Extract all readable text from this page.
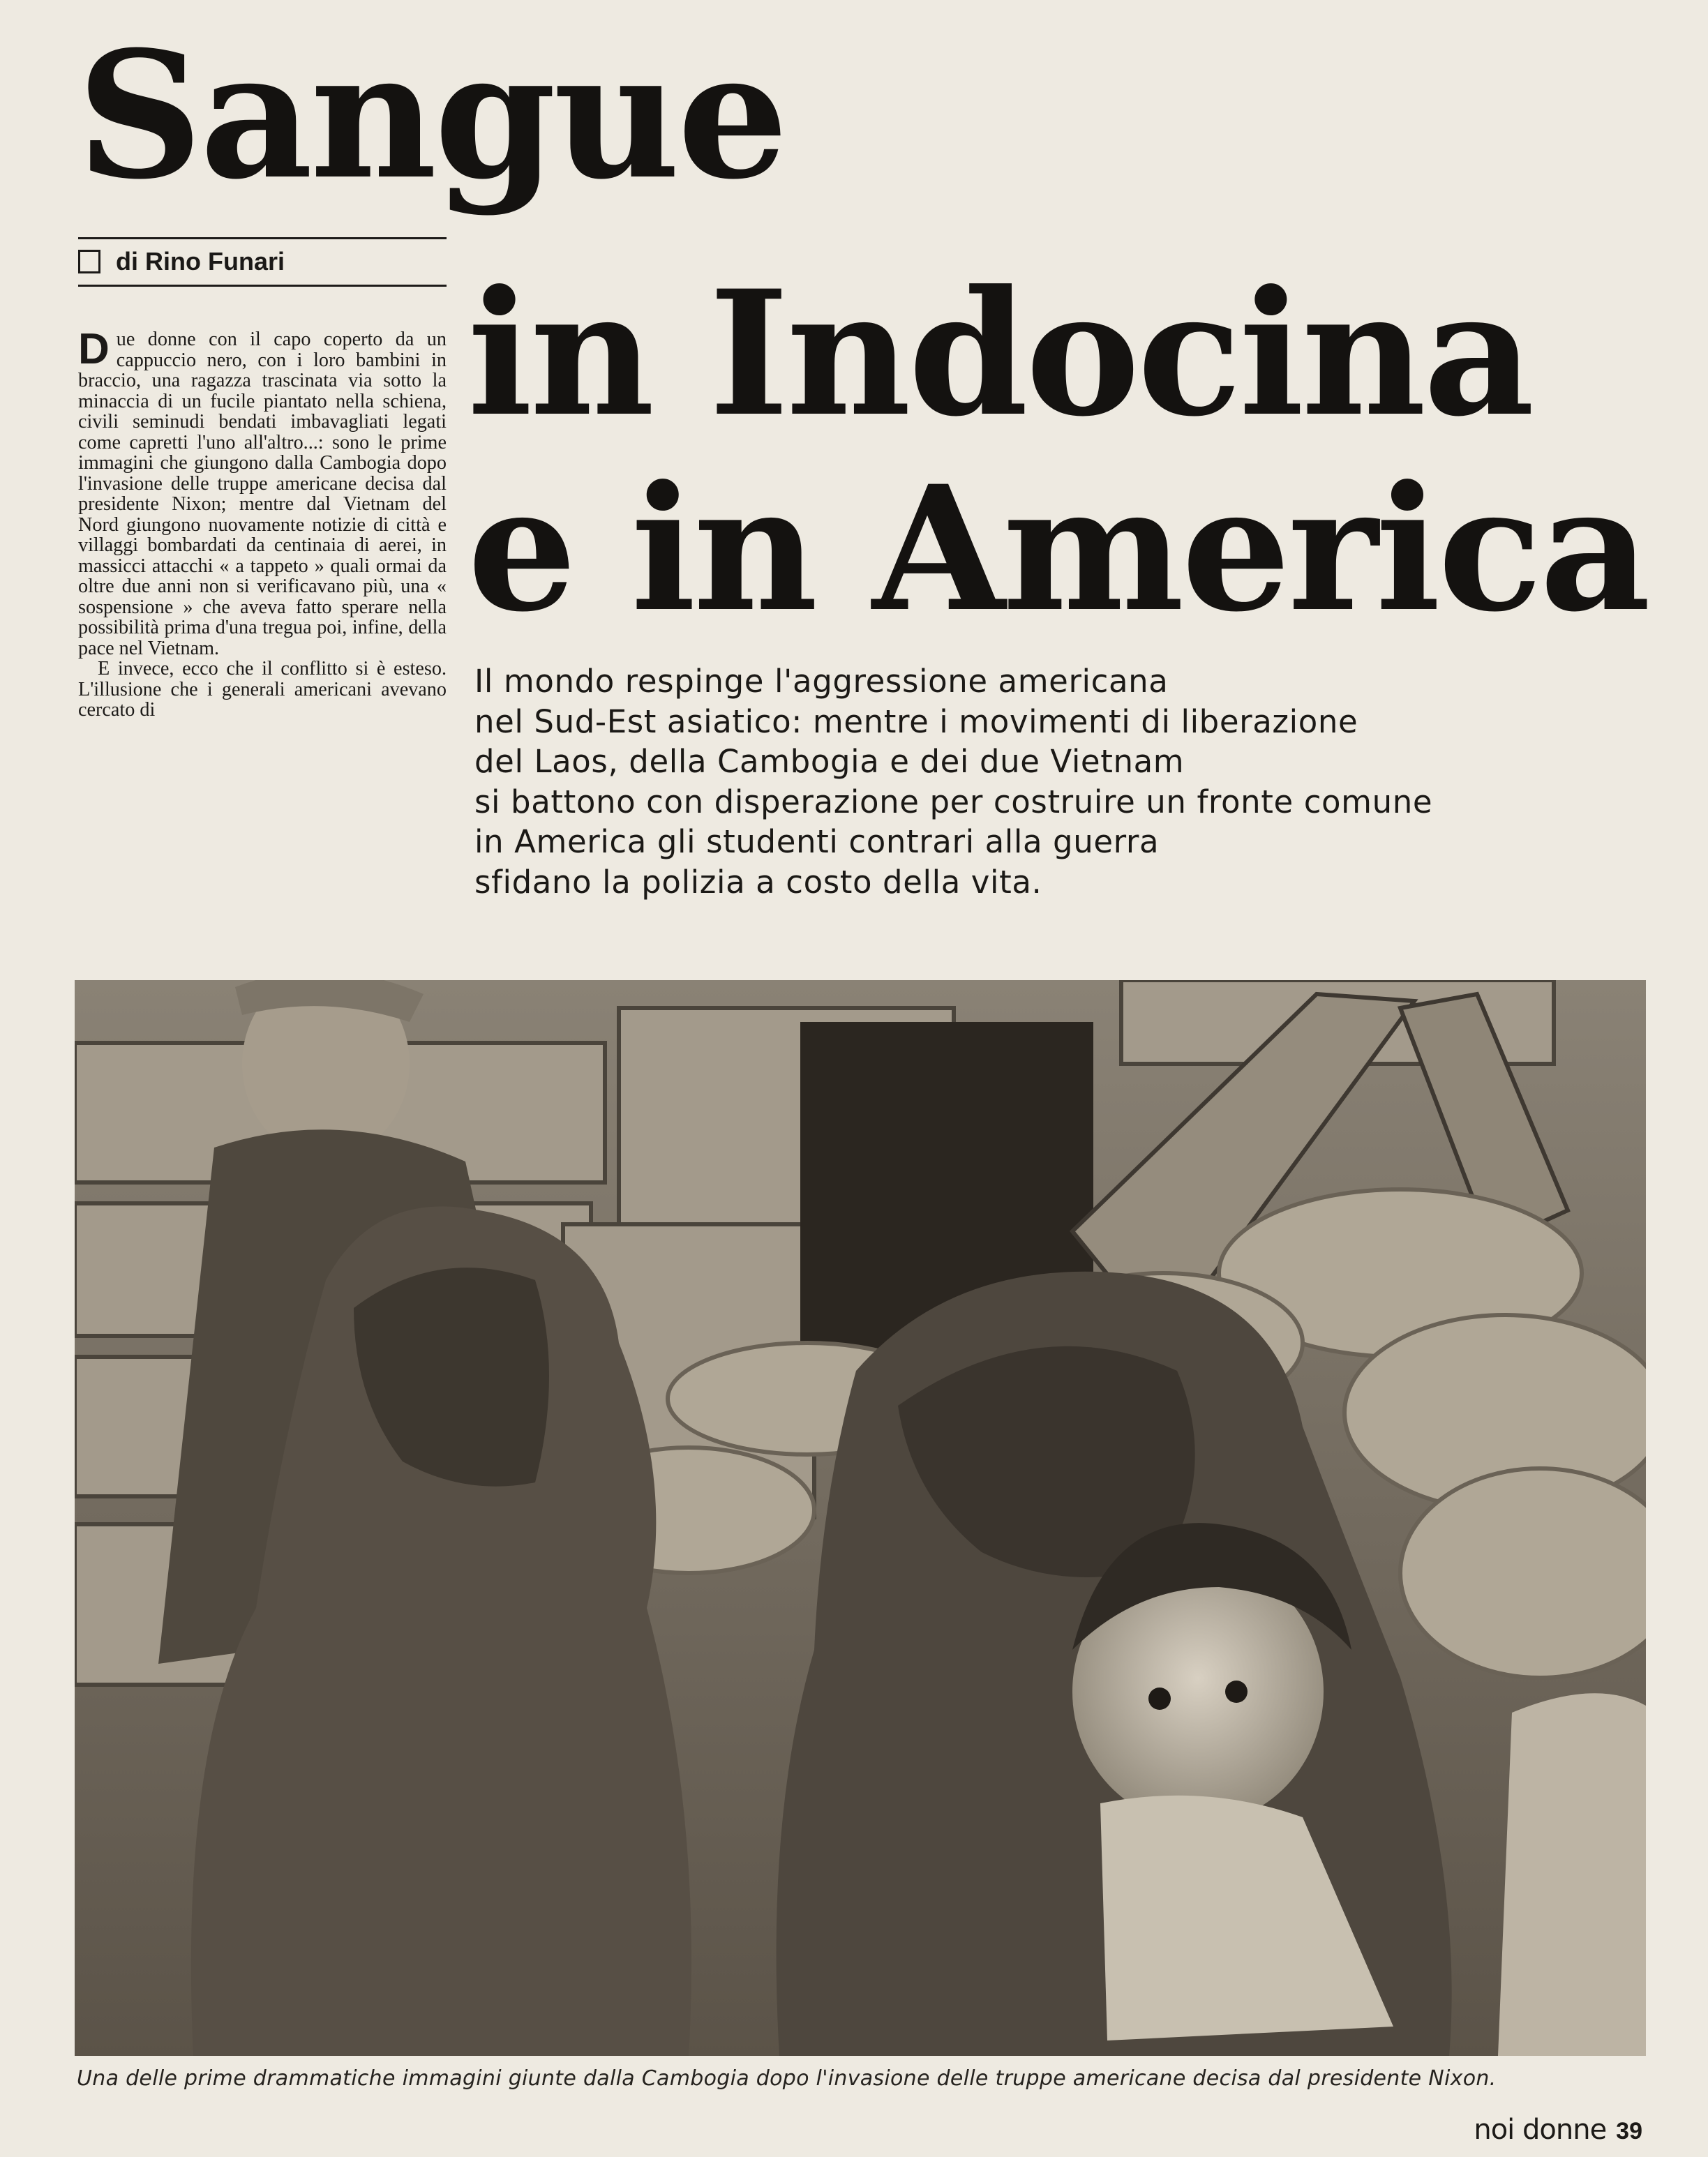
Sangue
in Indocina
e in America
di Rino Funari

Due donne con il capo coperto da un cappuccio nero, con i loro bambini in braccio, una ragazza trascinata via sotto la minaccia di un fucile piantato nella schiena, civili seminudi bendati imbavagliati legati come capretti l'uno all'altro...: sono le prime immagini che giungono dalla Cambogia dopo l'invasione delle truppe americane decisa dal presidente Nixon; mentre dal Vietnam del Nord giungono nuovamente notizie di città e villaggi bombardati da centinaia di aerei, in massicci attacchi « a tappeto » quali ormai da oltre due anni non si verificavano più, una « sospensione » che aveva fatto sperare nella possibilità prima d'una tregua poi, infine, della pace nel Vietnam.

E invece, ecco che il conflitto si è esteso. L'illusione che i generali americani avevano cercato di

Il mondo respinge l'aggressione americana
nel Sud-Est asiatico: mentre i movimenti di liberazione
del Laos, della Cambogia e dei due Vietnam
si battono con disperazione per costruire un fronte comune
in America gli studenti contrari alla guerra
sfidano la polizia a costo della vita.
Una delle prime drammatiche immagini giunte dalla Cambogia dopo l'invasione delle truppe americane decisa dal presidente Nixon.
noi donne 39
